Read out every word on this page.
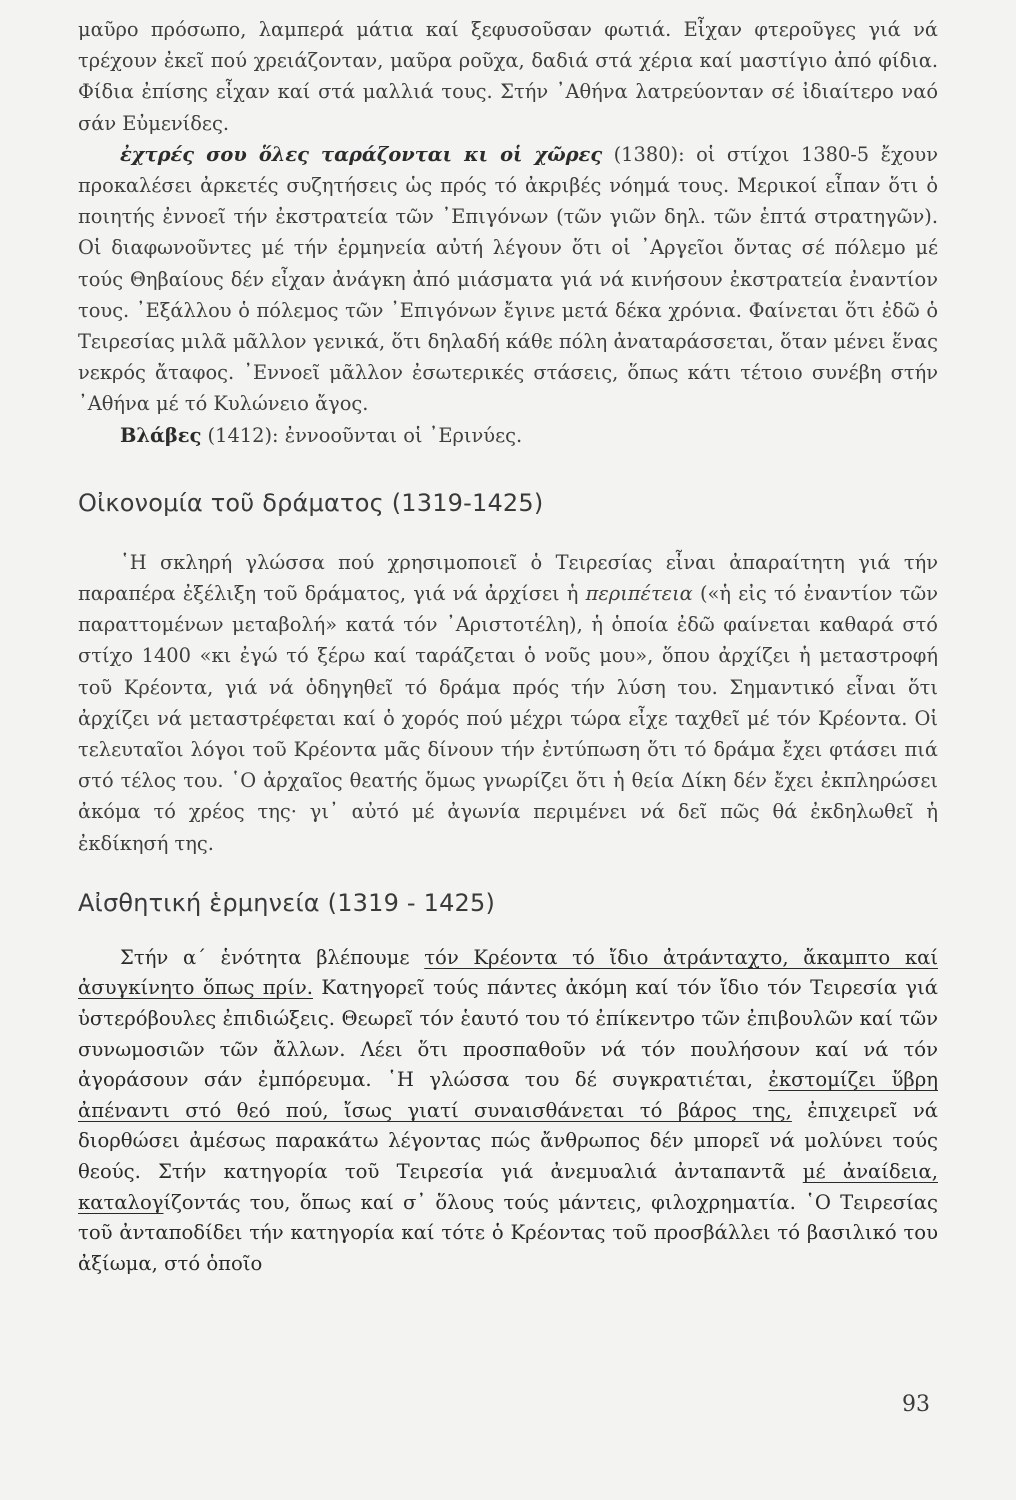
μαῦρο πρόσωπο, λαμπερά μάτια καί ξεφυσοῦσαν φωτιά. Εἶχαν φτεροῦγες γιά νά τρέχουν ἐκεῖ πού χρειάζονταν, μαῦρα ροῦχα, δαδιά στά χέρια καί μαστίγιο ἀπό φίδια. Φίδια ἐπίσης εἶχαν καί στά μαλλιά τους. Στήν ᾿Αθήνα λατρεύονταν σέ ἰδιαίτερο ναό σάν Εὐμενίδες.

ἐχτρές σου ὅλες ταράζονται κι οἱ χῶρες (1380): οἱ στίχοι 1380-5 ἔχουν προκαλέσει ἀρκετές συζητήσεις ὡς πρός τό ἀκριβές νόημά τους. Μερικοί εἶπαν ὅτι ὁ ποιητής ἐννοεῖ τήν ἐκστρατεία τῶν ᾿Επιγόνων (τῶν γιῶν δηλ. τῶν ἑπτά στρατηγῶν). Οἱ διαφωνοῦντες μέ τήν ἑρμηνεία αὐτή λέγουν ὅτι οἱ ᾿Αργεῖοι ὄντας σέ πόλεμο μέ τούς Θηβαίους δέν εἶχαν ἀνάγκη ἀπό μιάσματα γιά νά κινήσουν ἐκστρατεία ἐναντίον τους. ᾿Εξάλλου ὁ πόλεμος τῶν ᾿Επιγόνων ἔγινε μετά δέκα χρόνια. Φαίνεται ὅτι ἐδῶ ὁ Τειρεσίας μιλᾶ μᾶλλον γενικά, ὅτι δηλαδή κάθε πόλη ἀναταράσσεται, ὅταν μένει ἕνας νεκρός ἄταφος. ᾿Εννοεῖ μᾶλλον ἐσωτερικές στάσεις, ὅπως κάτι τέτοιο συνέβη στήν ᾿Αθήνα μέ τό Κυλώνειο ἄγος.

Βλάβες (1412): ἐννοοῦνται οἱ ᾿Ερινύες.

Οἰκονομία τοῦ δράματος (1319-1425)

῾Η σκληρή γλώσσα πού χρησιμοποιεῖ ὁ Τειρεσίας εἶναι ἀπαραίτητη γιά τήν παραπέρα ἐξέλιξη τοῦ δράματος, γιά νά ἀρχίσει ἡ περιπέτεια («ἡ εἰς τό ἐναντίον τῶν παραττομένων μεταβολή» κατά τόν ᾿Αριστοτέλη), ἡ ὁποία ἐδῶ φαίνεται καθαρά στό στίχο 1400 «κι ἐγώ τό ξέρω καί ταράζεται ὁ νοῦς μου», ὅπου ἀρχίζει ἡ μεταστροφή τοῦ Κρέοντα, γιά νά ὁδηγηθεῖ τό δράμα πρός τήν λύση του. Σημαντικό εἶναι ὅτι ἀρχίζει νά μεταστρέφεται καί ὁ χορός πού μέχρι τώρα εἶχε ταχθεῖ μέ τόν Κρέοντα. Οἱ τελευταῖοι λόγοι τοῦ Κρέοντα μᾶς δίνουν τήν ἐντύπωση ὅτι τό δράμα ἔχει φτάσει πιά στό τέλος του. ῾Ο ἀρχαῖος θεατής ὅμως γνωρίζει ὅτι ἡ θεία Δίκη δέν ἔχει ἐκπληρώσει ἀκόμα τό χρέος της· γι᾿ αὐτό μέ ἀγωνία περιμένει νά δεῖ πῶς θά ἐκδηλωθεῖ ἡ ἐκδίκησή της.

Αἰσθητική ἑρμηνεία (1319 - 1425)

Στήν α΄ ἑνότητα βλέπουμε τόν Κρέοντα τό ἴδιο ἀτράνταχτο, ἄκαμπτο καί ἀσυγκίνητο ὅπως πρίν. Κατηγορεῖ τούς πάντες ἀκόμη καί τόν ἴδιο τόν Τειρεσία γιά ὑστερόβουλες ἐπιδιώξεις. Θεωρεῖ τόν ἑαυτό του τό ἐπίκεντρο τῶν ἐπιβουλῶν καί τῶν συνωμοσιῶν τῶν ἄλλων. Λέει ὅτι προσπαθοῦν νά τόν πουλήσουν καί νά τόν ἀγοράσουν σάν ἐμπόρευμα. ῾Η γλώσσα του δέ συγκρατιέται, ἐκστομίζει ὕβρη ἀπέναντι στό θεό πού, ἴσως γιατί συναισθάνεται τό βάρος της, ἐπιχειρεῖ νά διορθώσει ἀμέσως παρακάτω λέγοντας πώς ἄνθρωπος δέν μπορεῖ νά μολύνει τούς θεούς. Στήν κατηγορία τοῦ Τειρεσία γιά ἀνεμυαλιά ἀνταπαντᾶ μέ ἀναίδεια, καταλογίζοντάς του, ὅπως καί σ᾿ ὅλους τούς μάντεις, φιλοχρηματία. ῾Ο Τειρεσίας τοῦ ἀνταποδίδει τήν κατηγορία καί τότε ὁ Κρέοντας τοῦ προσβάλλει τό βασιλικό του ἀξίωμα, στό ὁποῖο

93
